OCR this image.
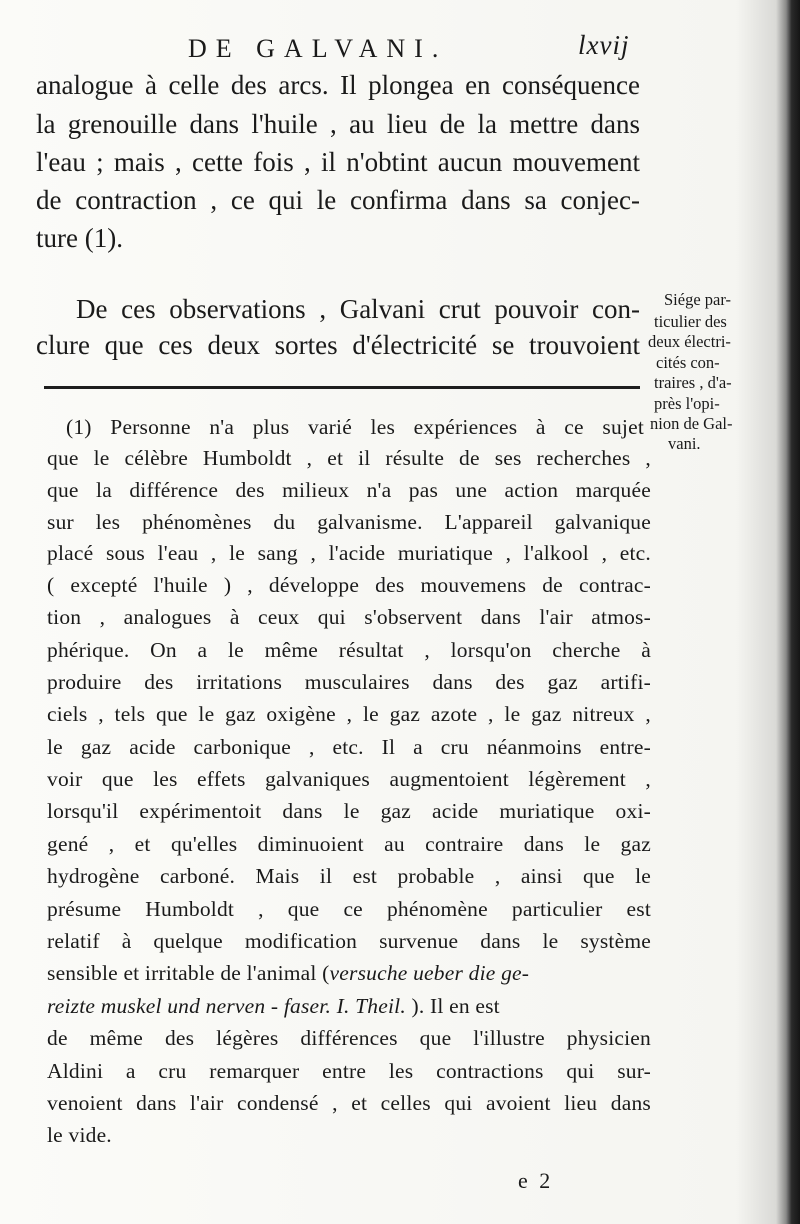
DE GALVANI.	lxvij
analogue à celle des arcs. Il plongea en conséquence
la grenouille dans l'huile , au lieu de la mettre dans
l'eau ; mais , cette fois , il n'obtint aucun mouvement
de contraction , ce qui le confirma dans sa conjec-
ture (1).
De ces observations , Galvani crut pouvoir con-
clure que ces deux sortes d'électricité se trouvoient
Siége par-
ticulier des
deux électri-
cités con-
traires , d'a-
près l'opi-
nion de Gal-
vani.
(1) Personne n'a plus varié les expériences à ce sujet
que le célèbre Humboldt , et il résulte de ses recherches ,
que la différence des milieux n'a pas une action marquée
sur les phénomènes du galvanisme. L'appareil galvanique
placé sous l'eau , le sang , l'acide muriatique , l'alkool , etc.
( excepté l'huile ) , développe des mouvemens de contrac-
tion , analogues à ceux qui s'observent dans l'air atmos-
phérique. On a le même résultat , lorsqu'on cherche à
produire des irritations musculaires dans des gaz artifi-
ciels , tels que le gaz oxigène , le gaz azote , le gaz nitreux ,
le gaz acide carbonique , etc. Il a cru néanmoins entre-
voir que les effets galvaniques augmentoient légèrement ,
lorsqu'il expérimentoit dans le gaz acide muriatique oxi-
gené , et qu'elles diminuoient au contraire dans le gaz
hydrogène carboné. Mais il est probable , ainsi que le
présume Humboldt , que ce phénomène particulier est
relatif à quelque modification survenue dans le système
sensible et irritable de l'animal (versuche ueber die ge-
reizte muskel und nerven - faser. I. Theil. ). Il en est
de même des légères différences que l'illustre physicien
Aldini a cru remarquer entre les contractions qui sur-
venoient dans l'air condensé , et celles qui avoient lieu dans
le vide.
e 2
